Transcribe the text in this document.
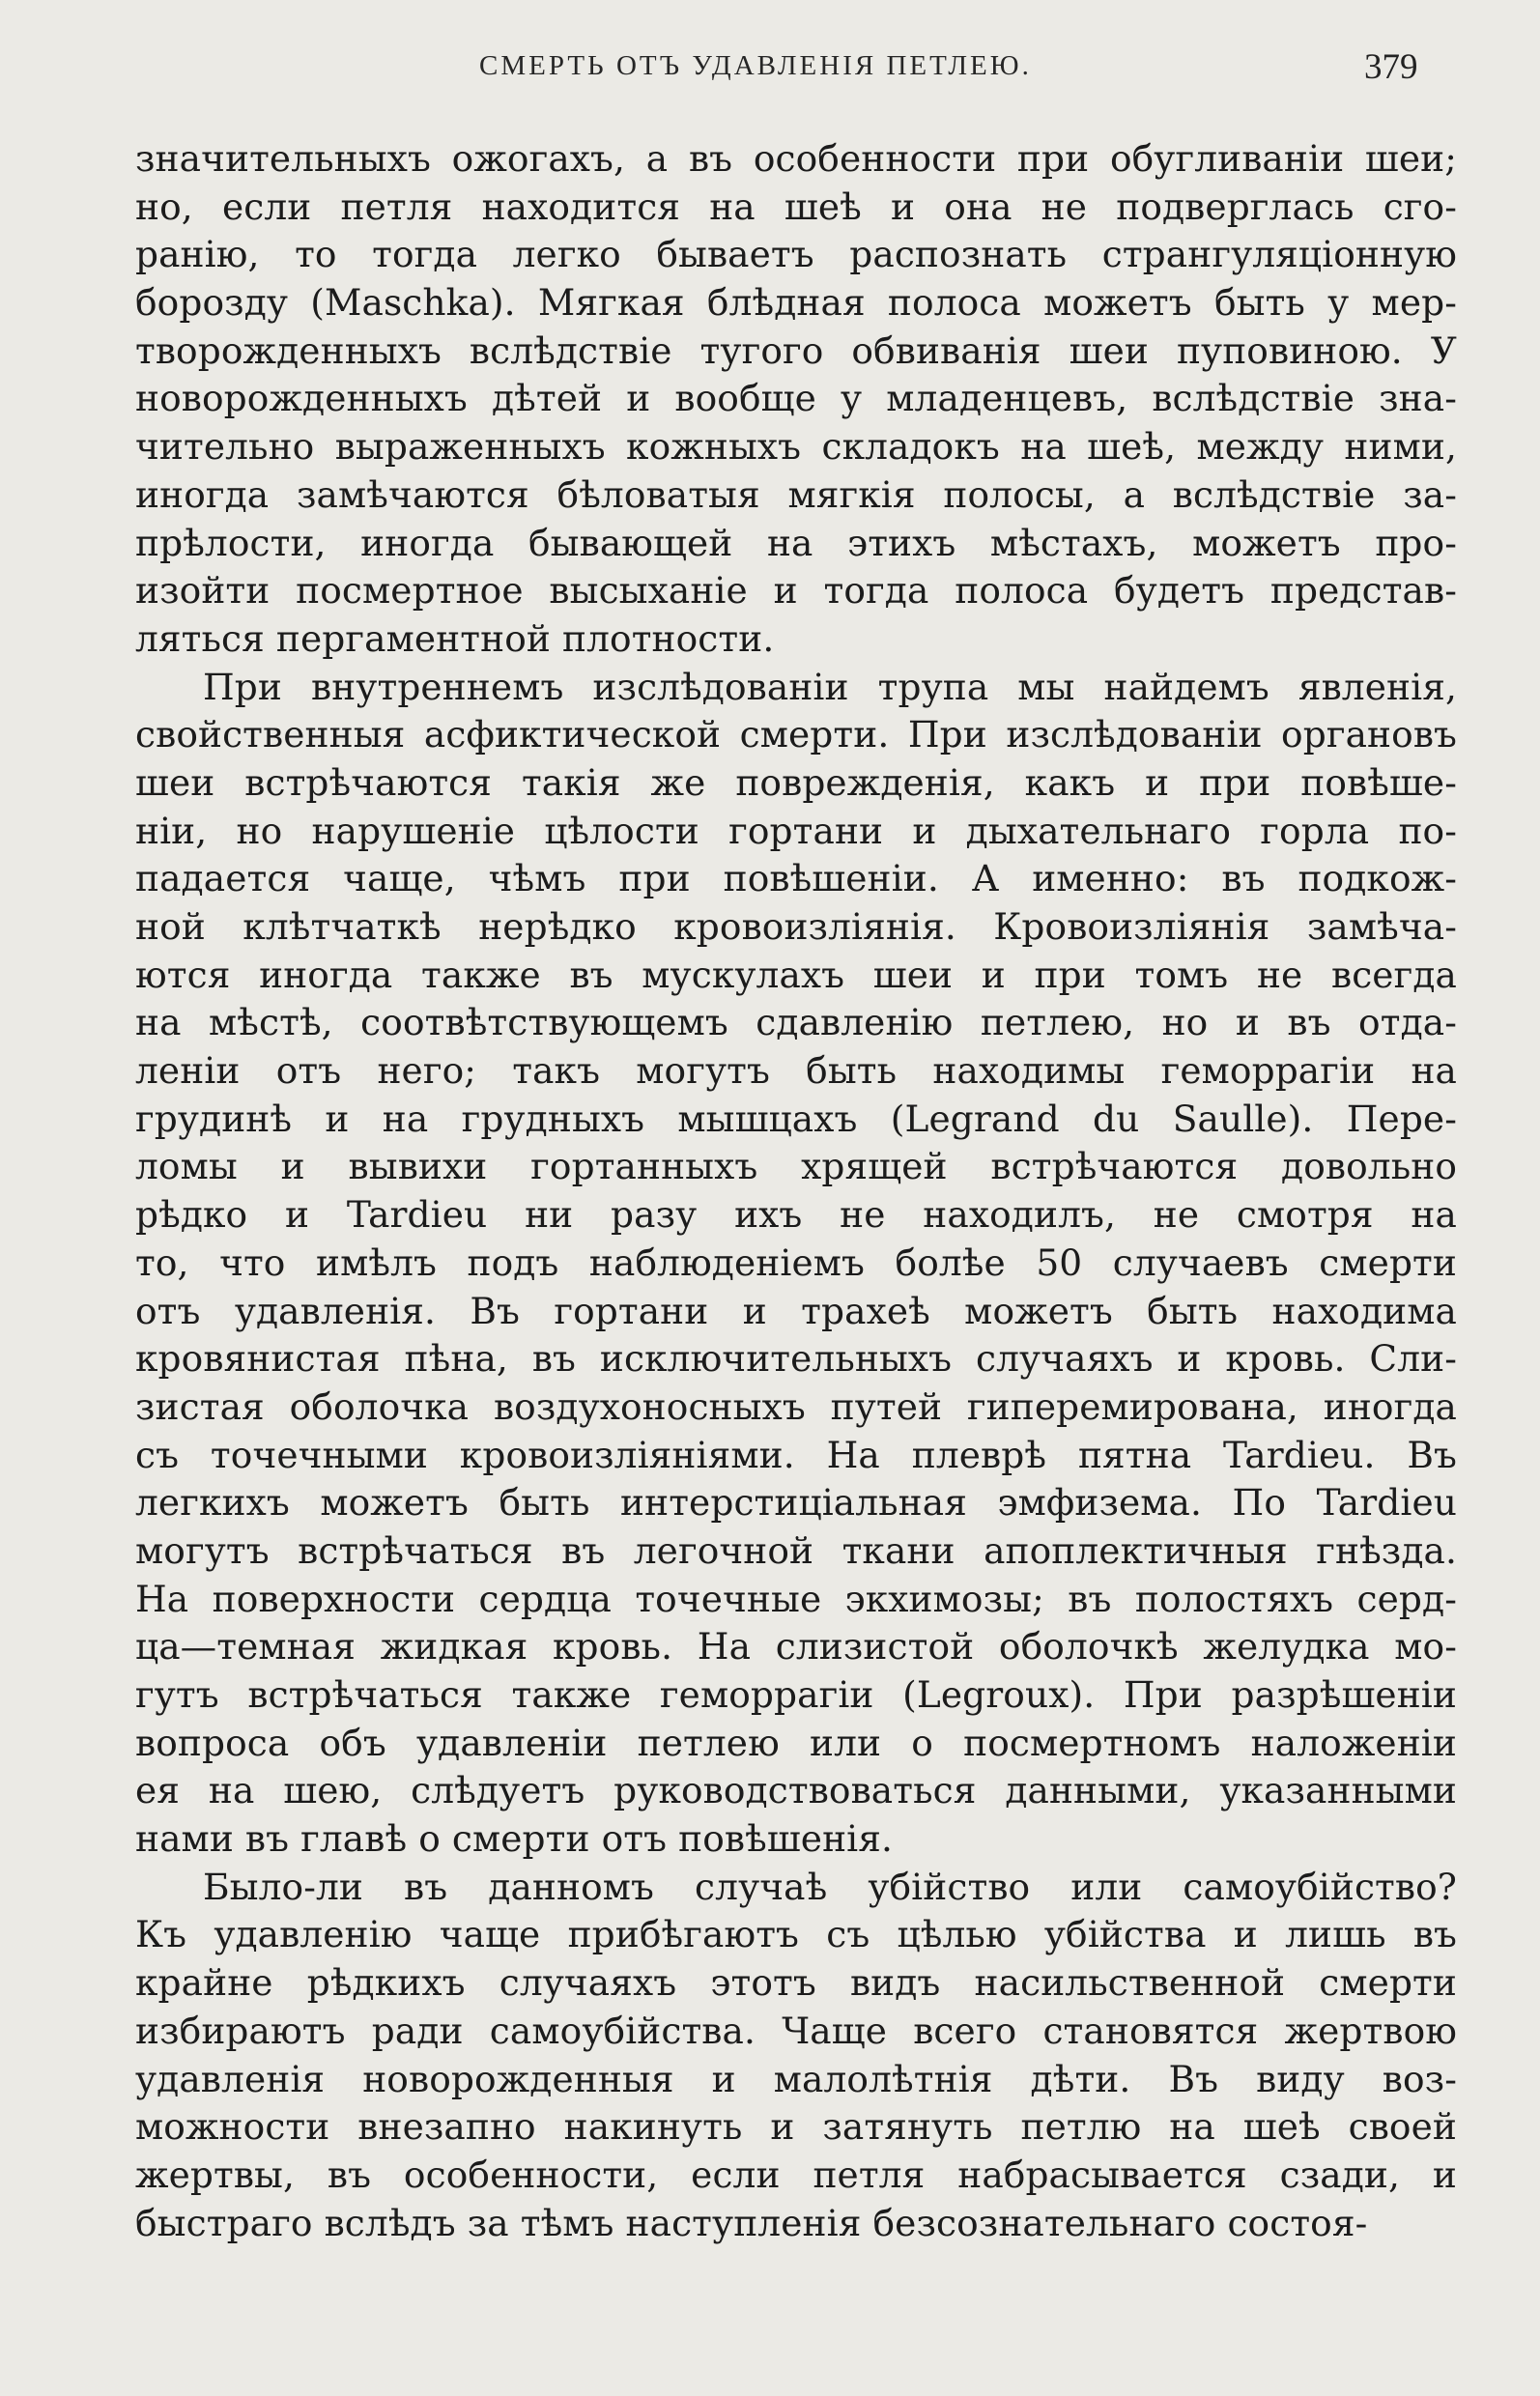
СМЕРТЬ ОТЪ УДАВЛЕНІЯ ПЕТЛЕЮ.	379
значительныхъ ожогахъ, а въ особенности при обугливаніи шеи;
но, если петля находится на шеѣ и она не подверглась сго-
ранію, то тогда легко бываетъ распознать странгуляціонную
борозду (Maschka). Мягкая блѣдная полоса можетъ быть у мер-
творожденныхъ вслѣдствіе тугого обвиванія шеи пуповиною. У
новорожденныхъ дѣтей и вообще у младенцевъ, вслѣдствіе зна-
чительно выраженныхъ кожныхъ складокъ на шеѣ, между ними,
иногда замѣчаются бѣловатыя мягкія полосы, а вслѣдствіе за-
прѣлости, иногда бывающей на этихъ мѣстахъ, можетъ про-
изойти посмертное высыханіе и тогда полоса будетъ представ-
ляться пергаментной плотности.
При внутреннемъ изслѣдованіи трупа мы найдемъ явленія,
свойственныя асфиктической смерти. При изслѣдованіи органовъ
шеи встрѣчаются такія же поврежденія, какъ и при повѣше-
ніи, но нарушеніе цѣлости гортани и дыхательнаго горла по-
падается чаще, чѣмъ при повѣшеніи. А именно: въ подкож-
ной клѣтчаткѣ нерѣдко кровоизліянія. Кровоизліянія замѣча-
ются иногда также въ мускулахъ шеи и при томъ не всегда
на мѣстѣ, соотвѣтствующемъ сдавленію петлею, но и въ отда-
леніи отъ него; такъ могутъ быть находимы геморрагіи на
грудинѣ и на грудныхъ мышцахъ (Legrand du Saulle). Пере-
ломы и вывихи гортанныхъ хрящей встрѣчаются довольно
рѣдко и Tardieu ни разу ихъ не находилъ, не смотря на
то, что имѣлъ подъ наблюденіемъ болѣе 50 случаевъ смерти
отъ удавленія. Въ гортани и трахеѣ можетъ быть находима
кровянистая пѣна, въ исключительныхъ случаяхъ и кровь. Сли-
зистая оболочка воздухоносныхъ путей гиперемирована, иногда
съ точечными кровоизліяніями. На плеврѣ пятна Tardieu. Въ
легкихъ можетъ быть интерстиціальная эмфизема. По Tardieu
могутъ встрѣчаться въ легочной ткани апоплектичныя гнѣзда.
На поверхности сердца точечные экхимозы; въ полостяхъ серд-
ца—темная жидкая кровь. На слизистой оболочкѣ желудка мо-
гутъ встрѣчаться также геморрагіи (Legroux). При разрѣшеніи
вопроса объ удавленіи петлею или о посмертномъ наложеніи
ея на шею, слѣдуетъ руководствоваться данными, указанными
нами въ главѣ о смерти отъ повѣшенія.
Было-ли въ данномъ случаѣ убійство или самоубійство?
Къ удавленію чаще прибѣгаютъ съ цѣлью убійства и лишь въ
крайне рѣдкихъ случаяхъ этотъ видъ насильственной смерти
избираютъ ради самоубійства. Чаще всего становятся жертвою
удавленія новорожденныя и малолѣтнія дѣти. Въ виду воз-
можности внезапно накинуть и затянуть петлю на шеѣ своей
жертвы, въ особенности, если петля набрасывается сзади, и
быстраго вслѣдъ за тѣмъ наступленія безсознательнаго состоя-
